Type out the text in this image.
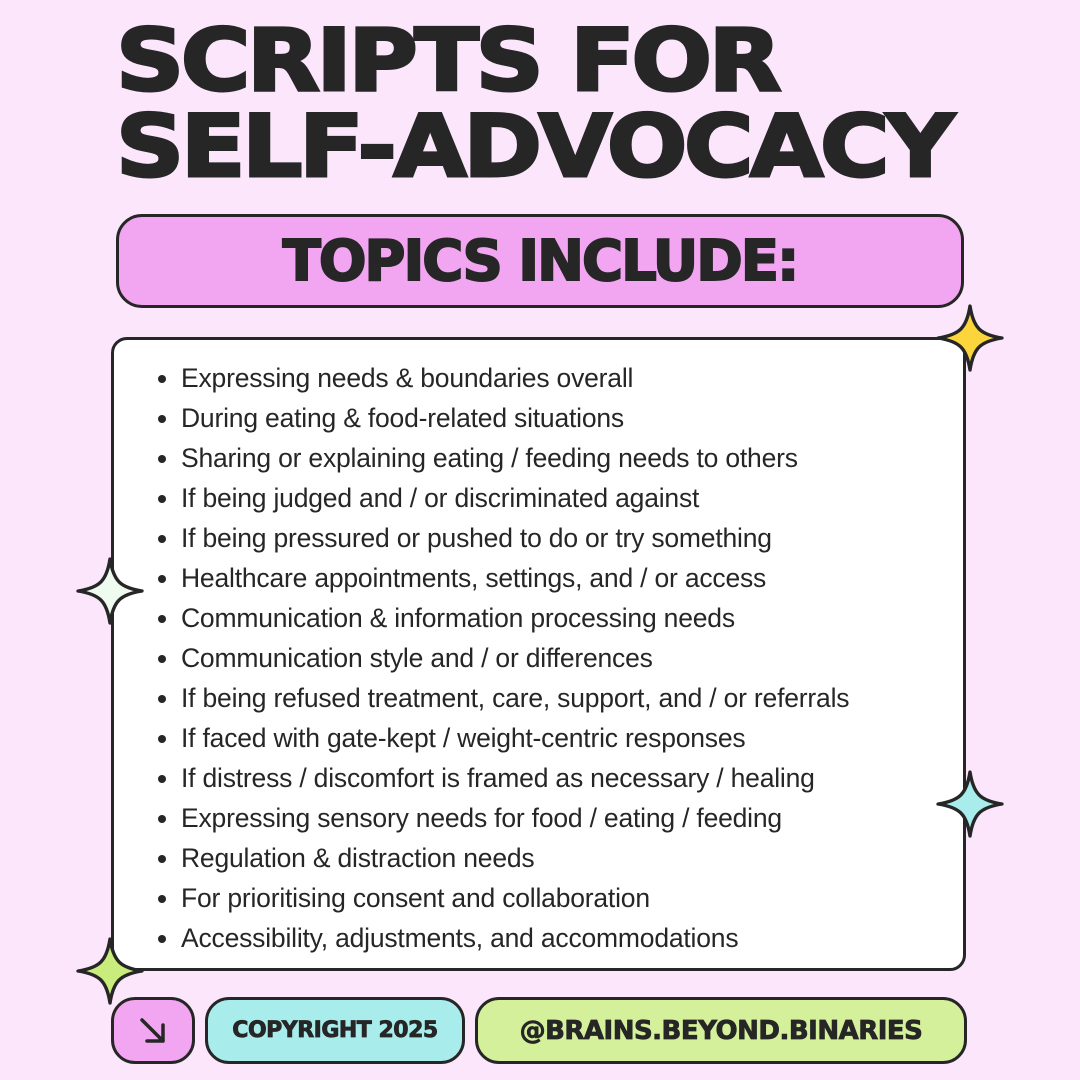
SCRIPTS FOR
SELF-ADVOCACY
TOPICS INCLUDE:
• Expressing needs & boundaries overall
• During eating & food-related situations
• Sharing or explaining eating / feeding needs to others
• If being judged and / or discriminated against
• If being pressured or pushed to do or try something
• Healthcare appointments, settings, and / or access
• Communication & information processing needs
• Communication style and / or differences
• If being refused treatment, care, support, and / or referrals
• If faced with gate-kept / weight-centric responses
• If distress / discomfort is framed as necessary / healing
• Expressing sensory needs for food / eating / feeding
• Regulation & distraction needs
• For prioritising consent and collaboration
• Accessibility, adjustments, and accommodations
COPYRIGHT 2025	@BRAINS.BEYOND.BINARIES
